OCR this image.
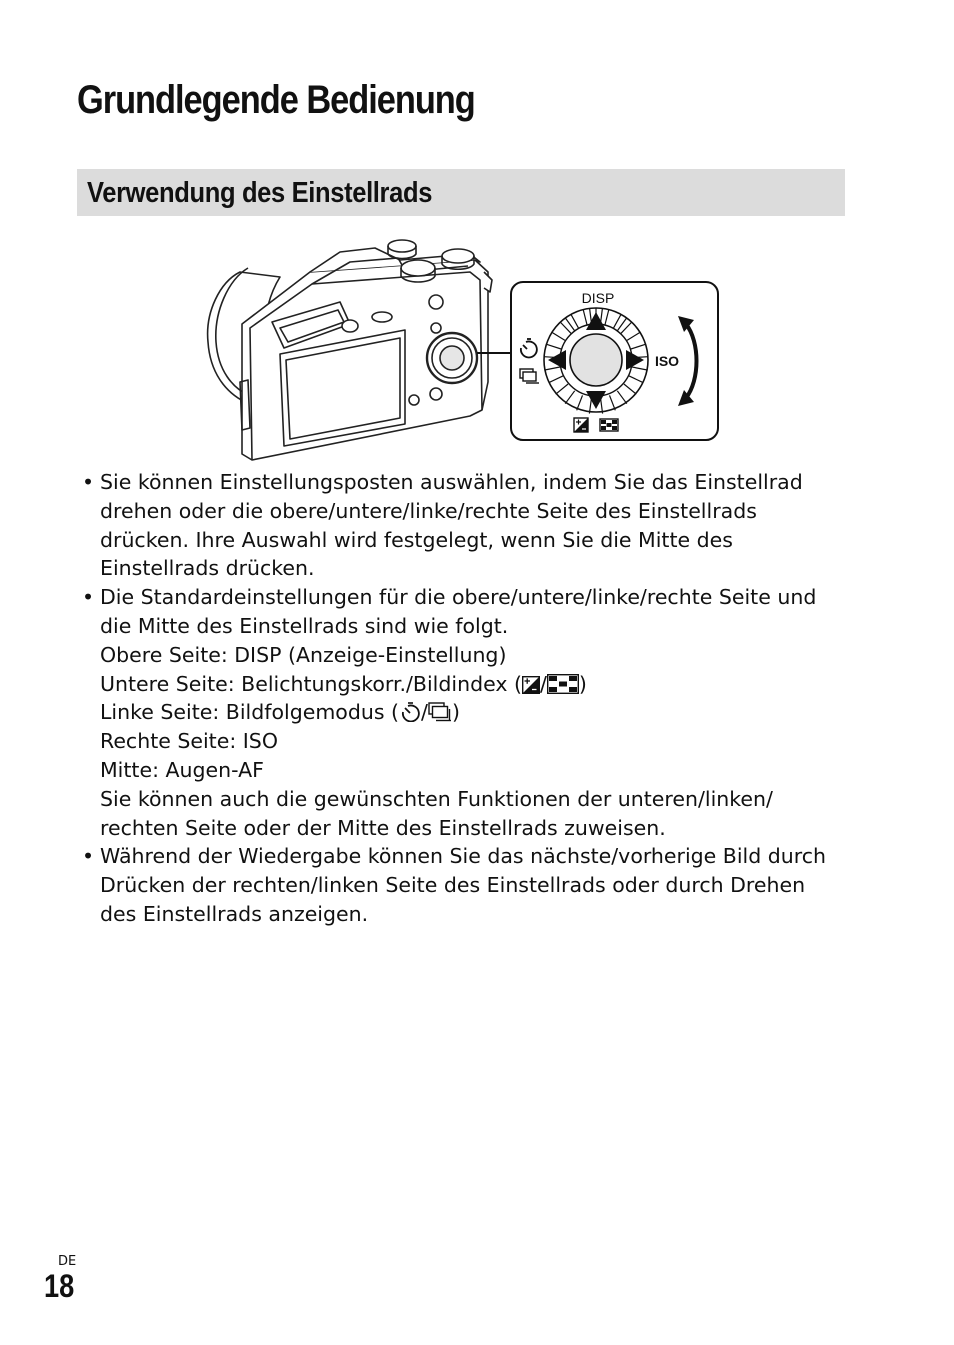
Grundlegende Bedienung
Verwendung des Einstellrads
DISP
ISO
• Sie können Einstellungsposten auswählen, indem Sie das Einstellrad
drehen oder die obere/untere/linke/rechte Seite des Einstellrads
drücken. Ihre Auswahl wird festgelegt, wenn Sie die Mitte des
Einstellrads drücken.
• Die Standardeinstellungen für die obere/untere/linke/rechte Seite und
die Mitte des Einstellrads sind wie folgt.
Obere Seite: DISP (Anzeige-Einstellung)
Untere Seite: Belichtungskorr./Bildindex ( / )
Linke Seite: Bildfolgemodus ( / )
Rechte Seite: ISO
Mitte: Augen-AF
Sie können auch die gewünschten Funktionen der unteren/linken/
rechten Seite oder der Mitte des Einstellrads zuweisen.
• Während der Wiedergabe können Sie das nächste/vorherige Bild durch
Drücken der rechten/linken Seite des Einstellrads oder durch Drehen
des Einstellrads anzeigen.
DE
18
